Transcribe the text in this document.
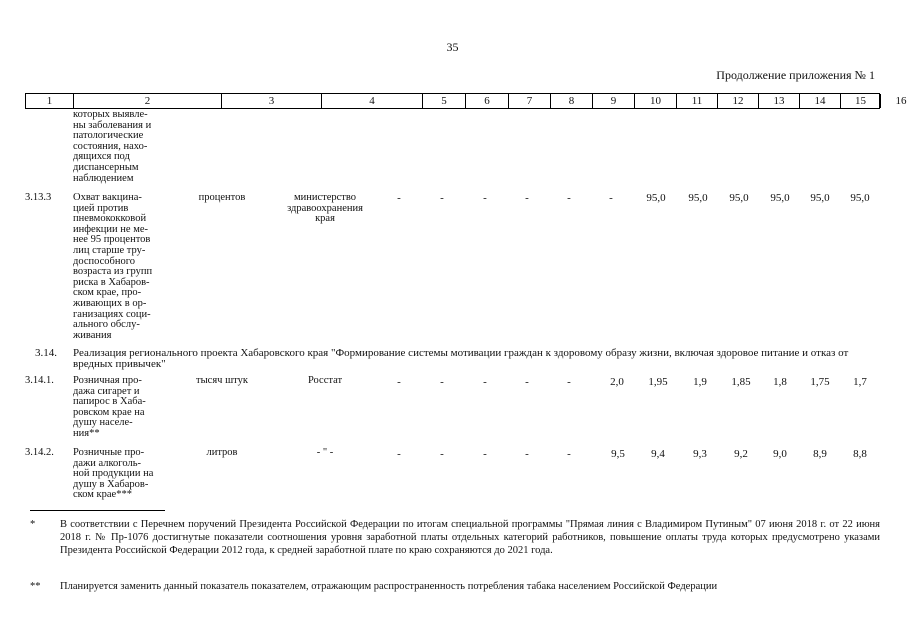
35
Продолжение приложения № 1
1	2	3	4	5	6	7	8	9	10	11	12	13	14	15	16
которых выявле-
ны заболевания и
патологические
состояния, нахо-
дящихся под
диспансерным
наблюдением
3.13.3	Охват вакцина-
цией против
пневмококковой
инфекции не ме-
нее 95 процентов
лиц старше тру-
доспособного
возраста из групп
риска в Хабаров-
ском крае, про-
живающих в ор-
ганизациях соци-
ального обслу-
живания
процентов	министерство
здравоохранения
края
-	-	-	-	-	-	95,0	95,0	95,0	95,0	95,0	95,0
3.14. Реализация регионального проекта Хабаровского края "Формирование системы мотивации граждан к здоровому образу жизни, включая здоровое питание и отказ от вредных привычек"
3.14.1.	Розничная про-
дажа сигарет и
папирос в Хаба-
ровском крае на
душу населе-
ния**
тысяч штук	Росстат	-	-	-	-	-	2,0	1,95	1,9	1,85	1,8	1,75	1,7
3.14.2.	Розничные про-
дажи алкоголь-
ной продукции на
душу в Хабаров-
ском крае***
литров	- " -	-	-	-	-	-	9,5	9,4	9,3	9,2	9,0	8,9	8,8
* В соответствии с Перечнем поручений Президента Российской Федерации по итогам специальной программы "Прямая линия с Владимиром Путиным" 07 июня 2018 г. от 22 июня 2018 г. № Пр-1076 достигнутые показатели соотношения уровня заработной платы отдельных категорий работников, повышение оплаты труда которых предусмотрено указами Президента Российской Федерации 2012 года, к средней заработной плате по краю сохраняются до 2021 года.
** Планируется заменить данный показатель показателем, отражающим распространенность потребления табака населением Российской Федерации
